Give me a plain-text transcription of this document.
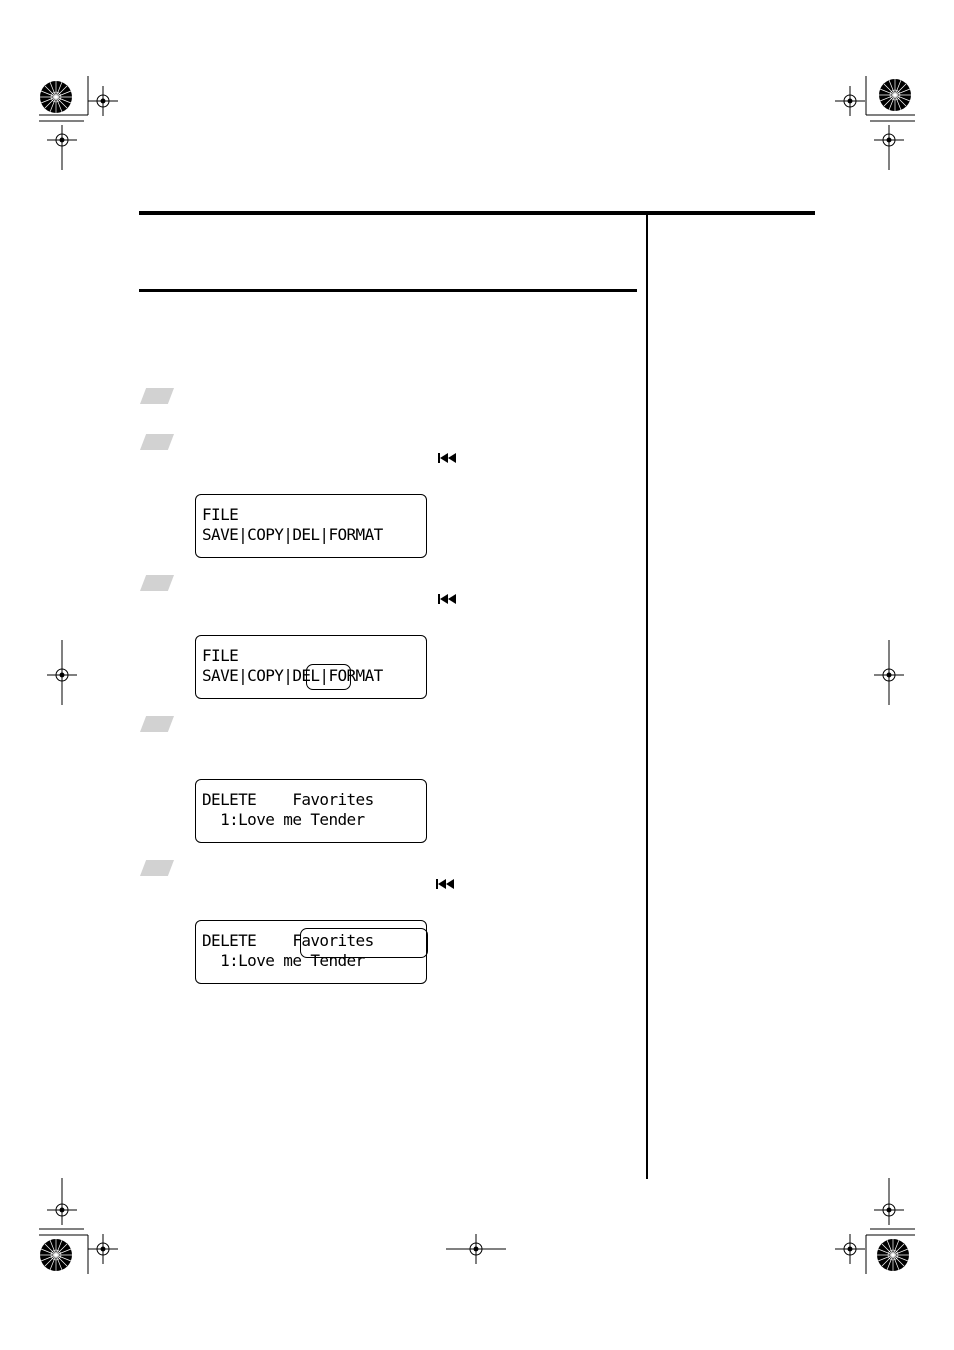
FILE
SAVE|COPY|DEL|FORMAT
FILE
SAVE|COPY|DEL|FORMAT
DELETE    Favorites
1:Love me Tender
DELETE    Favorites
1:Love me Tender
